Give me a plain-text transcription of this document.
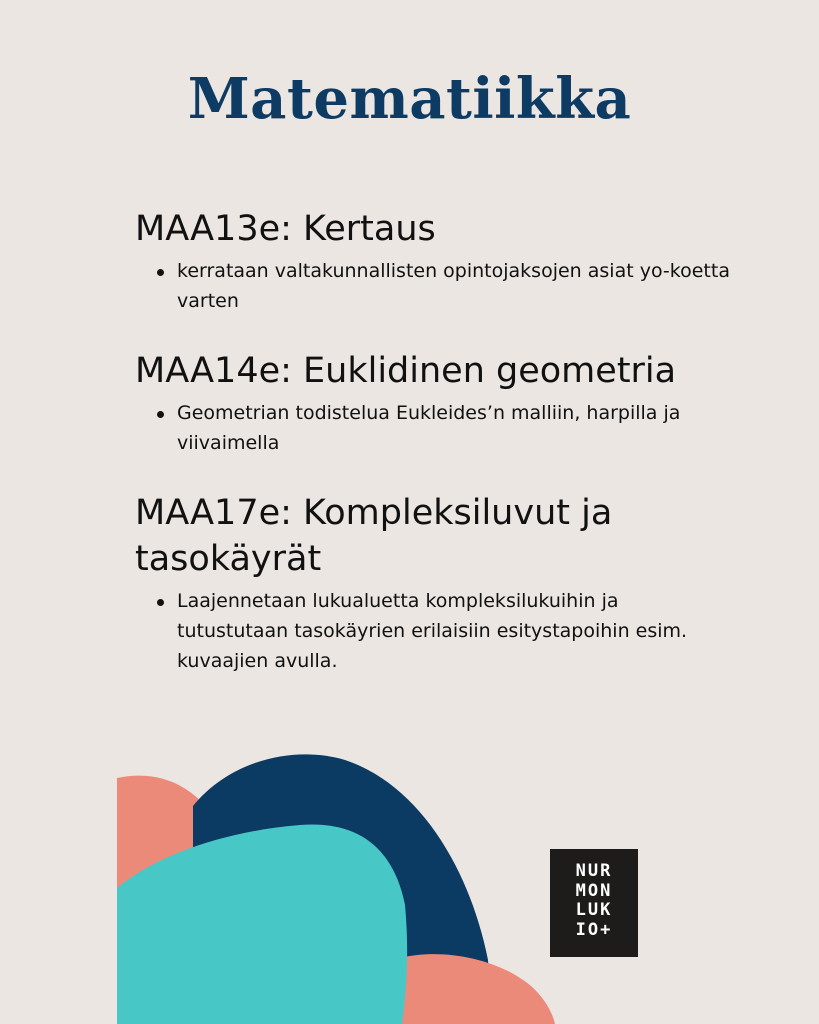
Matematiikka
MAA13e: Kertaus
kerrataan valtakunnallisten opintojaksojen asiat yo-koetta varten
MAA14e: Euklidinen geometria
Geometrian todistelua Eukleides’n malliin, harpilla ja viivaimella
MAA17e: Kompleksiluvut ja tasokäyrät
Laajennetaan lukualuetta kompleksilukuihin ja tutustutaan tasokäyrien erilaisiin esitystapoihin esim. kuvaajien avulla.
NUR
MON
LUK
IO+
